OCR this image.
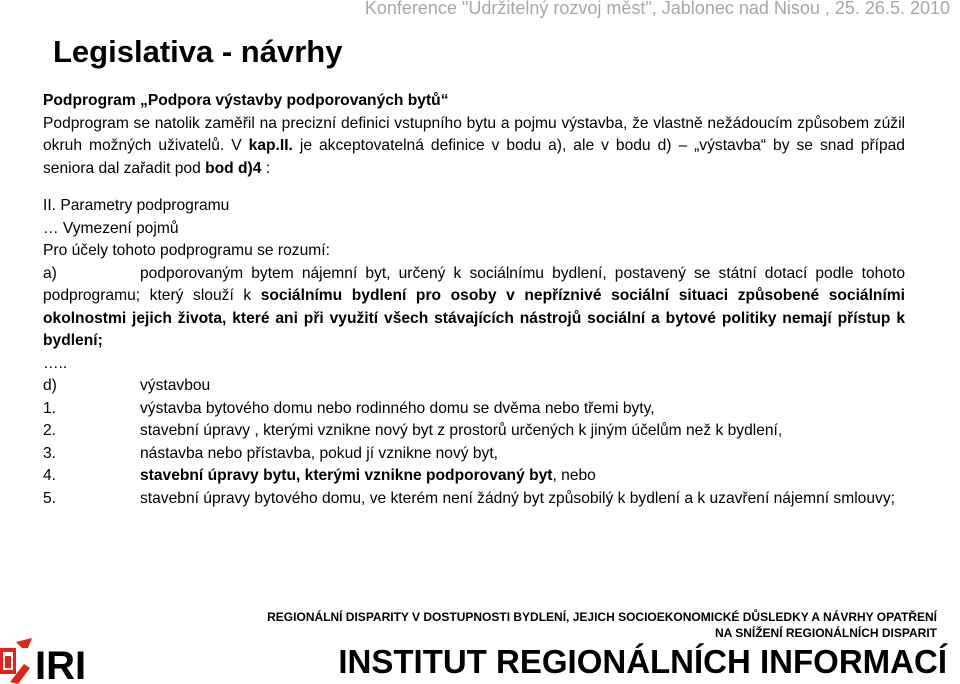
Konference "Udržitelný rozvoj měst", Jablonec nad Nisou , 25. 26.5. 2010
Legislativa - návrhy

Podprogram „Podpora výstavby podporovaných bytů“

Podprogram se natolik zaměřil na precizní definici vstupního bytu a pojmu výstavba, že vlastně nežádoucím způsobem zúžil okruh možných uživatelů. V kap.II. je akceptovatelná definice v bodu a), ale v bodu d) – „výstavba“ by se snad případ seniora dal zařadit pod bod d)4 :

II. Parametry podprogramu

… Vymezení pojmů

Pro účely tohoto podprogramu se rozumí:

a)	podporovaným bytem nájemní byt, určený k sociálnímu bydlení, postavený se státní dotací podle tohoto podprogramu; který slouží k sociálnímu bydlení pro osoby v nepříznivé sociální situaci způsobené sociálními okolnostmi jejich života, které ani při využití všech stávajících nástrojů sociální a bytové politiky nemají přístup k bydlení;

…..

d)	výstavbou
1.	výstavba bytového domu nebo rodinného domu se dvěma nebo třemi byty,
2.	stavební úpravy , kterými vznikne nový byt z prostorů určených k jiným účelům než k bydlení,
3.	nástavba nebo přístavba, pokud jí vznikne nový byt,
4.	stavební úpravy bytu, kterými vznikne podporovaný byt, nebo
5.	stavební úpravy bytového domu, ve kterém není žádný byt způsobilý k bydlení a k uzavření nájemní smlouvy;
REGIONÁLNÍ DISPARITY V DOSTUPNOSTI BYDLENÍ, JEJICH SOCIOEKONOMICKÉ DŮSLEDKY A NÁVRHY OPATŘENÍ
NA SNÍŽENÍ REGIONÁLNÍCH DISPARIT
IRI	INSTITUT REGIONÁLNÍCH INFORMACÍ
